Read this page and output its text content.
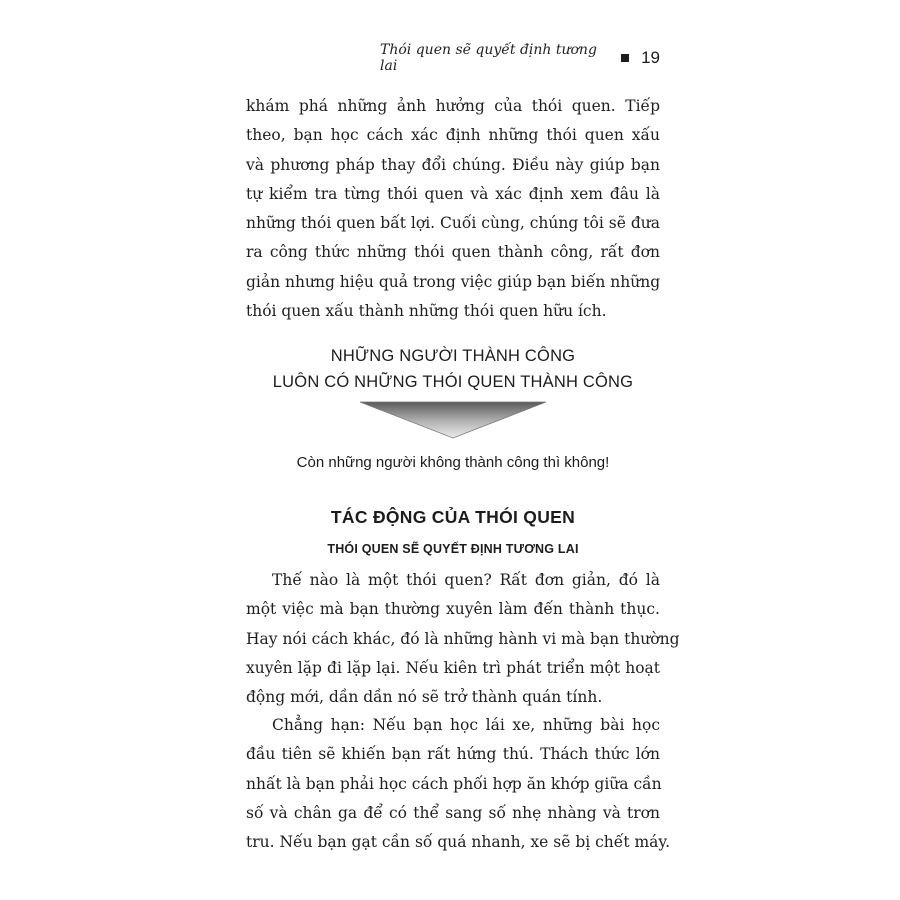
Thói quen sẽ quyết định tương lai	19
khám phá những ảnh hưởng của thói quen. Tiếp
theo, bạn học cách xác định những thói quen xấu
và phương pháp thay đổi chúng. Điều này giúp bạn
tự kiểm tra từng thói quen và xác định xem đâu là
những thói quen bất lợi. Cuối cùng, chúng tôi sẽ đưa
ra công thức những thói quen thành công, rất đơn
giản nhưng hiệu quả trong việc giúp bạn biến những
thói quen xấu thành những thói quen hữu ích.
NHỮNG NGƯỜI THÀNH CÔNG
LUÔN CÓ NHỮNG THÓI QUEN THÀNH CÔNG
Còn những người không thành công thì không!
TÁC ĐỘNG CỦA THÓI QUEN
THÓI QUEN SẼ QUYẾT ĐỊNH TƯƠNG LAI
Thế nào là một thói quen? Rất đơn giản, đó là
một việc mà bạn thường xuyên làm đến thành thục.
Hay nói cách khác, đó là những hành vi mà bạn thường
xuyên lặp đi lặp lại. Nếu kiên trì phát triển một hoạt
động mới, dần dần nó sẽ trở thành quán tính.
Chẳng hạn: Nếu bạn học lái xe, những bài học
đầu tiên sẽ khiến bạn rất hứng thú. Thách thức lớn
nhất là bạn phải học cách phối hợp ăn khớp giữa cần
số và chân ga để có thể sang số nhẹ nhàng và trơn
tru. Nếu bạn gạt cần số quá nhanh, xe sẽ bị chết máy.
